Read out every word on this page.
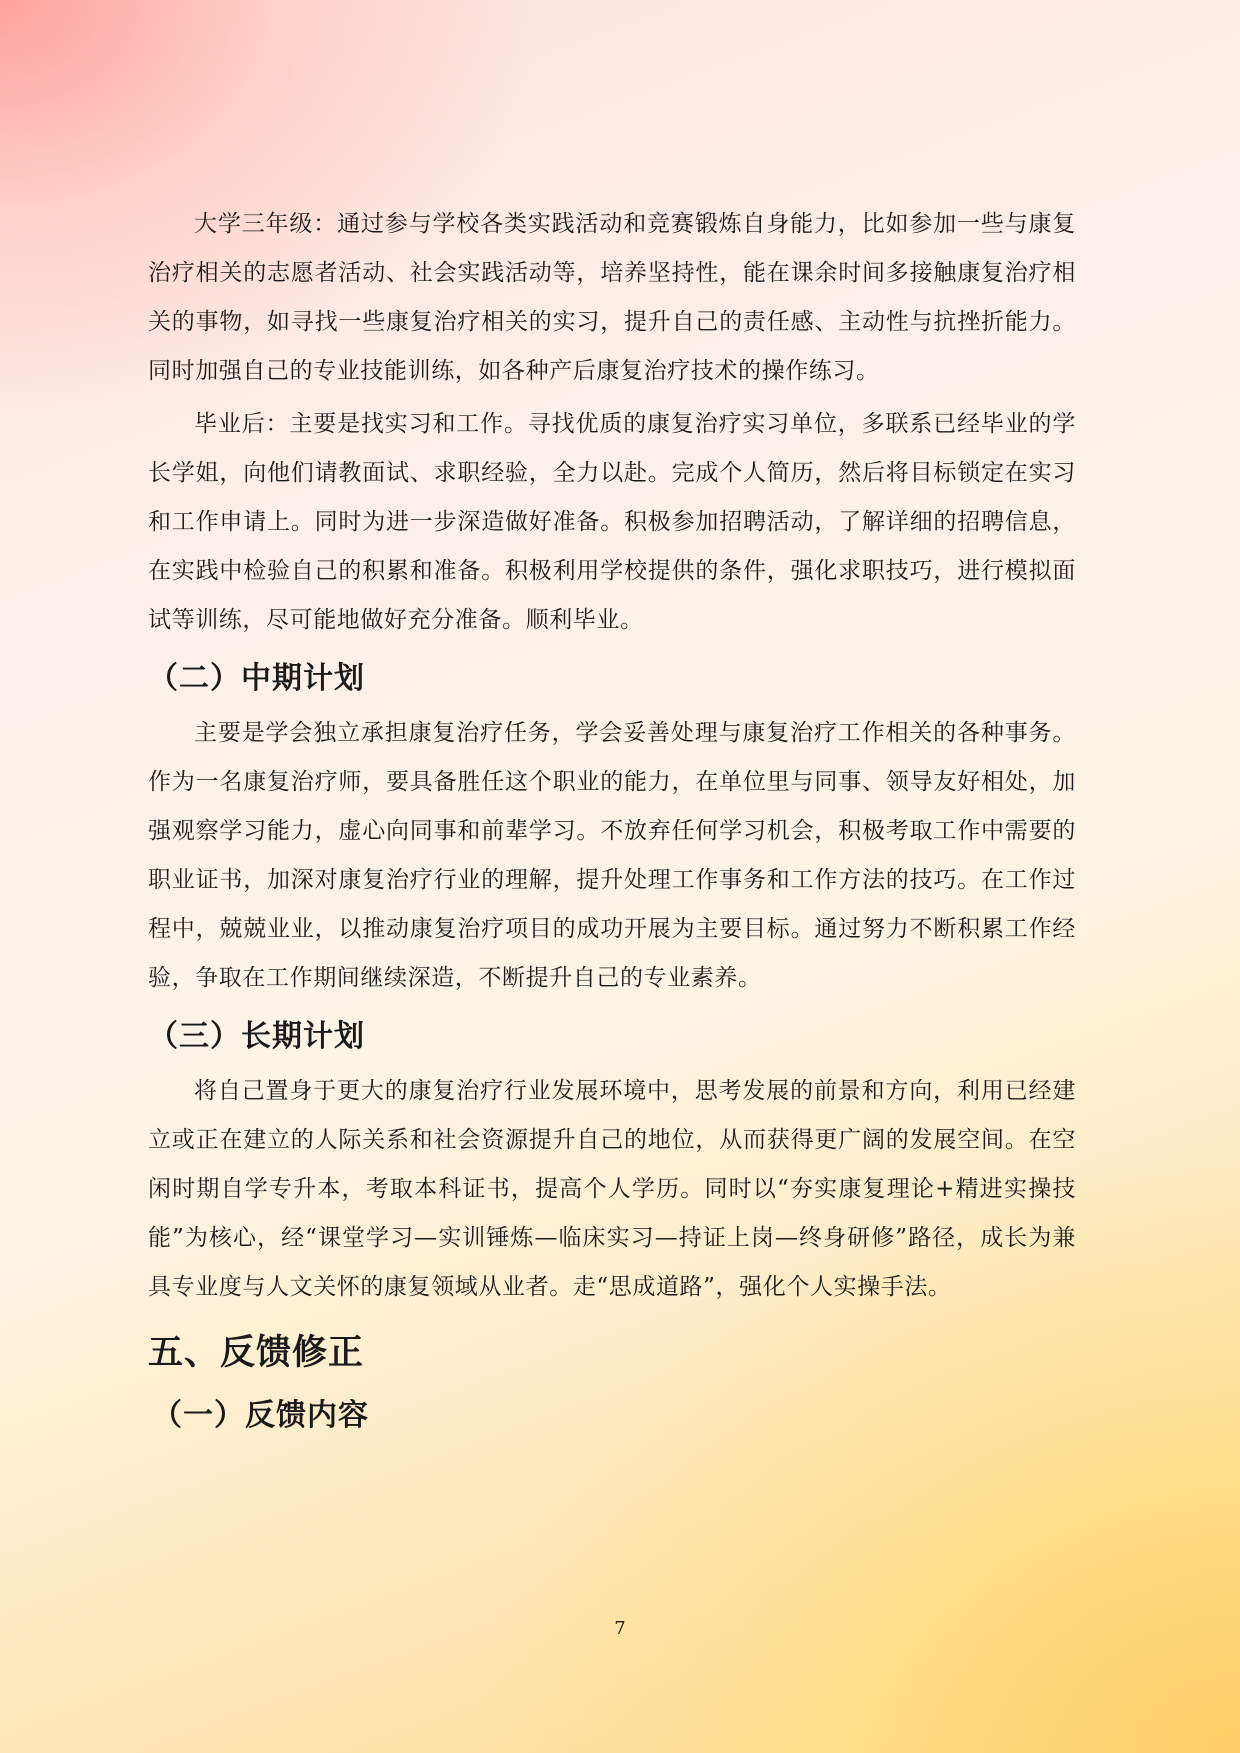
大学三年级：通过参与学校各类实践活动和竞赛锻炼自身能力，比如参加一些与康复治疗相关的志愿者活动、社会实践活动等，培养坚持性，能在课余时间多接触康复治疗相关的事物，如寻找一些康复治疗相关的实习，提升自己的责任感、主动性与抗挫折能力。同时加强自己的专业技能训练，如各种产后康复治疗技术的操作练习。

毕业后：主要是找实习和工作。寻找优质的康复治疗实习单位，多联系已经毕业的学长学姐，向他们请教面试、求职经验，全力以赴。完成个人简历，然后将目标锁定在实习和工作申请上。同时为进一步深造做好准备。积极参加招聘活动，了解详细的招聘信息，在实践中检验自己的积累和准备。积极利用学校提供的条件，强化求职技巧，进行模拟面试等训练，尽可能地做好充分准备。顺利毕业。

（二）中期计划

主要是学会独立承担康复治疗任务，学会妥善处理与康复治疗工作相关的各种事务。作为一名康复治疗师，要具备胜任这个职业的能力，在单位里与同事、领导友好相处，加强观察学习能力，虚心向同事和前辈学习。不放弃任何学习机会，积极考取工作中需要的职业证书，加深对康复治疗行业的理解，提升处理工作事务和工作方法的技巧。在工作过程中，兢兢业业，以推动康复治疗项目的成功开展为主要目标。通过努力不断积累工作经验，争取在工作期间继续深造，不断提升自己的专业素养。

（三）长期计划

将自己置身于更大的康复治疗行业发展环境中，思考发展的前景和方向，利用已经建立或正在建立的人际关系和社会资源提升自己的地位，从而获得更广阔的发展空间。在空闲时期自学专升本，考取本科证书，提高个人学历。同时以“夯实康复理论+精进实操技能”为核心，经“课堂学习—实训锤炼—临床实习—持证上岗—终身研修”路径，成长为兼具专业度与人文关怀的康复领域从业者。走“思成道路”，强化个人实操手法。

五、反馈修正
（一）反馈内容
7
